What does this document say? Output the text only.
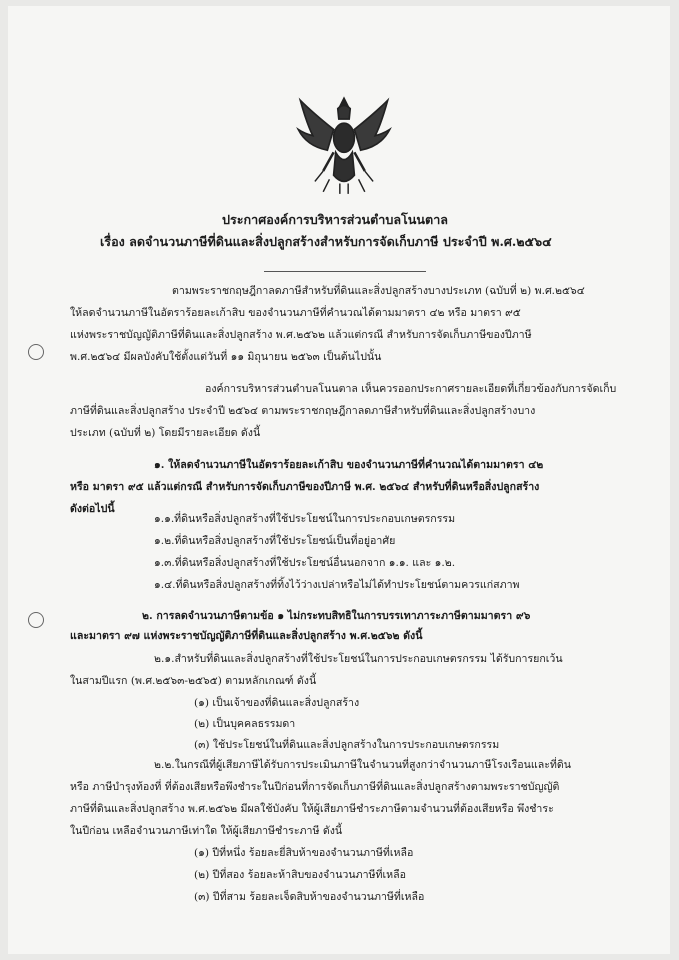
ประกาศองค์การบริหารส่วนตำบลโนนตาล
เรื่อง ลดจำนวนภาษีที่ดินและสิ่งปลูกสร้างสำหรับการจัดเก็บภาษี ประจำปี พ.ศ.๒๕๖๔
ตามพระราชกฤษฎีกาลดภาษีสำหรับที่ดินและสิ่งปลูกสร้างบางประเภท (ฉบับที่ ๒) พ.ศ.๒๕๖๔
ให้ลดจำนวนภาษีในอัตราร้อยละเก้าสิบ ของจำนวนภาษีที่คำนวณได้ตามมาตรา ๔๒ หรือ มาตรา ๙๕
แห่งพระราชบัญญัติภาษีที่ดินและสิ่งปลูกสร้าง พ.ศ.๒๕๖๒ แล้วแต่กรณี สำหรับการจัดเก็บภาษีของปีภาษี
พ.ศ.๒๕๖๔ มีผลบังคับใช้ตั้งแต่วันที่ ๑๑ มิถุนายน ๒๕๖๓ เป็นต้นไปนั้น
องค์การบริหารส่วนตำบลโนนตาล เห็นควรออกประกาศรายละเอียดที่เกี่ยวข้องกับการจัดเก็บ
ภาษีที่ดินและสิ่งปลูกสร้าง ประจำปี ๒๕๖๔ ตามพระราชกฤษฎีกาลดภาษีสำหรับที่ดินและสิ่งปลูกสร้างบาง
ประเภท (ฉบับที่ ๒) โดยมีรายละเอียด ดังนี้
๑. ให้ลดจำนวนภาษีในอัตราร้อยละเก้าสิบ ของจำนวนภาษีที่คำนวณได้ตามมาตรา ๔๒
หรือ มาตรา ๙๕ แล้วแต่กรณี สำหรับการจัดเก็บภาษีของปีภาษี พ.ศ. ๒๕๖๔ สำหรับที่ดินหรือสิ่งปลูกสร้าง
ดังต่อไปนี้
๑.๑.ที่ดินหรือสิ่งปลูกสร้างที่ใช้ประโยชน์ในการประกอบเกษตรกรรม
๑.๒.ที่ดินหรือสิ่งปลูกสร้างที่ใช้ประโยชน์เป็นที่อยู่อาศัย
๑.๓.ที่ดินหรือสิ่งปลูกสร้างที่ใช้ประโยชน์อื่นนอกจาก ๑.๑. และ ๑.๒.
๑.๔.ที่ดินหรือสิ่งปลูกสร้างที่ทิ้งไว้ว่างเปล่าหรือไม่ได้ทำประโยชน์ตามควรแก่สภาพ
๒. การลดจำนวนภาษีตามข้อ ๑ ไม่กระทบสิทธิในการบรรเทาภาระภาษีตามมาตรา ๙๖
และมาตรา ๙๗ แห่งพระราชบัญญัติภาษีที่ดินและสิ่งปลูกสร้าง พ.ศ.๒๕๖๒ ดังนี้
๒.๑.สำหรับที่ดินและสิ่งปลูกสร้างที่ใช้ประโยชน์ในการประกอบเกษตรกรรม ได้รับการยกเว้น
ในสามปีแรก (พ.ศ.๒๕๖๓-๒๕๖๕) ตามหลักเกณฑ์ ดังนี้
(๑) เป็นเจ้าของที่ดินและสิ่งปลูกสร้าง
(๒) เป็นบุคคลธรรมดา
(๓) ใช้ประโยชน์ในที่ดินและสิ่งปลูกสร้างในการประกอบเกษตรกรรม
๒.๒.ในกรณีที่ผู้เสียภาษีได้รับการประเมินภาษีในจำนวนที่สูงกว่าจำนวนภาษีโรงเรือนและที่ดิน
หรือ ภาษีบำรุงท้องที่ ที่ต้องเสียหรือพึงชำระในปีก่อนที่การจัดเก็บภาษีที่ดินและสิ่งปลูกสร้างตามพระราชบัญญัติ
ภาษีที่ดินและสิ่งปลูกสร้าง พ.ศ.๒๕๖๒ มีผลใช้บังคับ ให้ผู้เสียภาษีชำระภาษีตามจำนวนที่ต้องเสียหรือ พึงชำระ
ในปีก่อน เหลือจำนวนภาษีเท่าใด ให้ผู้เสียภาษีชำระภาษี ดังนี้
(๑) ปีที่หนึ่ง ร้อยละยี่สิบห้าของจำนวนภาษีที่เหลือ
(๒) ปีที่สอง ร้อยละห้าสิบของจำนวนภาษีที่เหลือ
(๓) ปีที่สาม ร้อยละเจ็ดสิบห้าของจำนวนภาษีที่เหลือ
